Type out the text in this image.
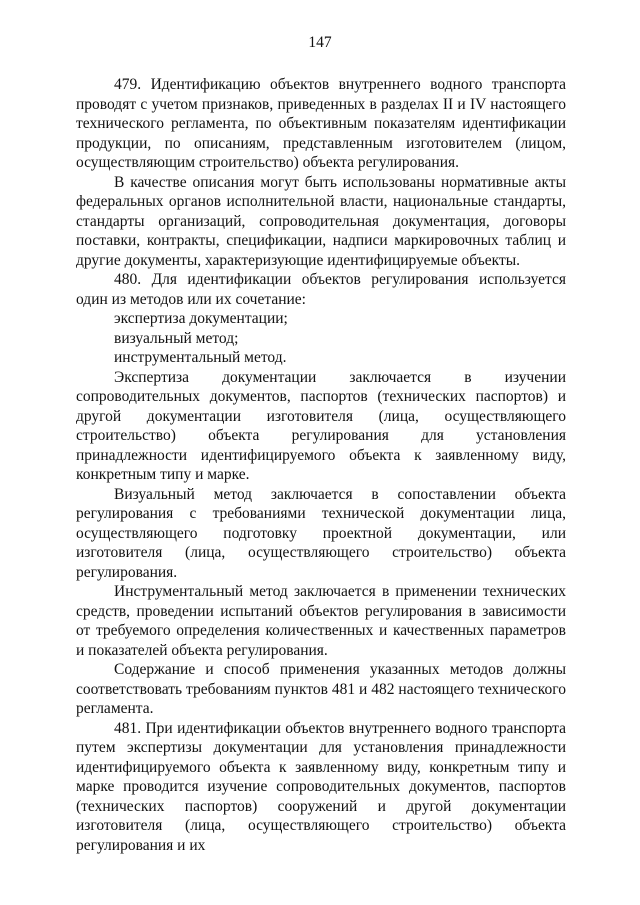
147

479. Идентификацию объектов внутреннего водного транспорта проводят с учетом признаков, приведенных в разделах II и IV настоящего технического регламента, по объективным показателям идентификации продукции, по описаниям, представленным изготовителем (лицом, осуществляющим строительство) объекта регулирования.

В качестве описания могут быть использованы нормативные акты федеральных органов исполнительной власти, национальные стандарты, стандарты организаций, сопроводительная документация, договоры поставки, контракты, спецификации, надписи маркировочных таблиц и другие документы, характеризующие идентифицируемые объекты.

480. Для идентификации объектов регулирования используется один из методов или их сочетание:

экспертиза документации;

визуальный метод;

инструментальный метод.

Экспертиза документации заключается в изучении сопроводительных документов, паспортов (технических паспортов) и другой документации изготовителя (лица, осуществляющего строительство) объекта регулирования для установления принадлежности идентифицируемого объекта к заявленному виду, конкретным типу и марке.

Визуальный метод заключается в сопоставлении объекта регулирования с требованиями технической документации лица, осуществляющего подготовку проектной документации, или изготовителя (лица, осуществляющего строительство) объекта регулирования.

Инструментальный метод заключается в применении технических средств, проведении испытаний объектов регулирования в зависимости от требуемого определения количественных и качественных параметров и показателей объекта регулирования.

Содержание и способ применения указанных методов должны соответствовать требованиям пунктов 481 и 482 настоящего технического регламента.

481. При идентификации объектов внутреннего водного транспорта путем экспертизы документации для установления принадлежности идентифицируемого объекта к заявленному виду, конкретным типу и марке проводится изучение сопроводительных документов, паспортов (технических паспортов) сооружений и другой документации изготовителя (лица, осуществляющего строительство) объекта регулирования и их
